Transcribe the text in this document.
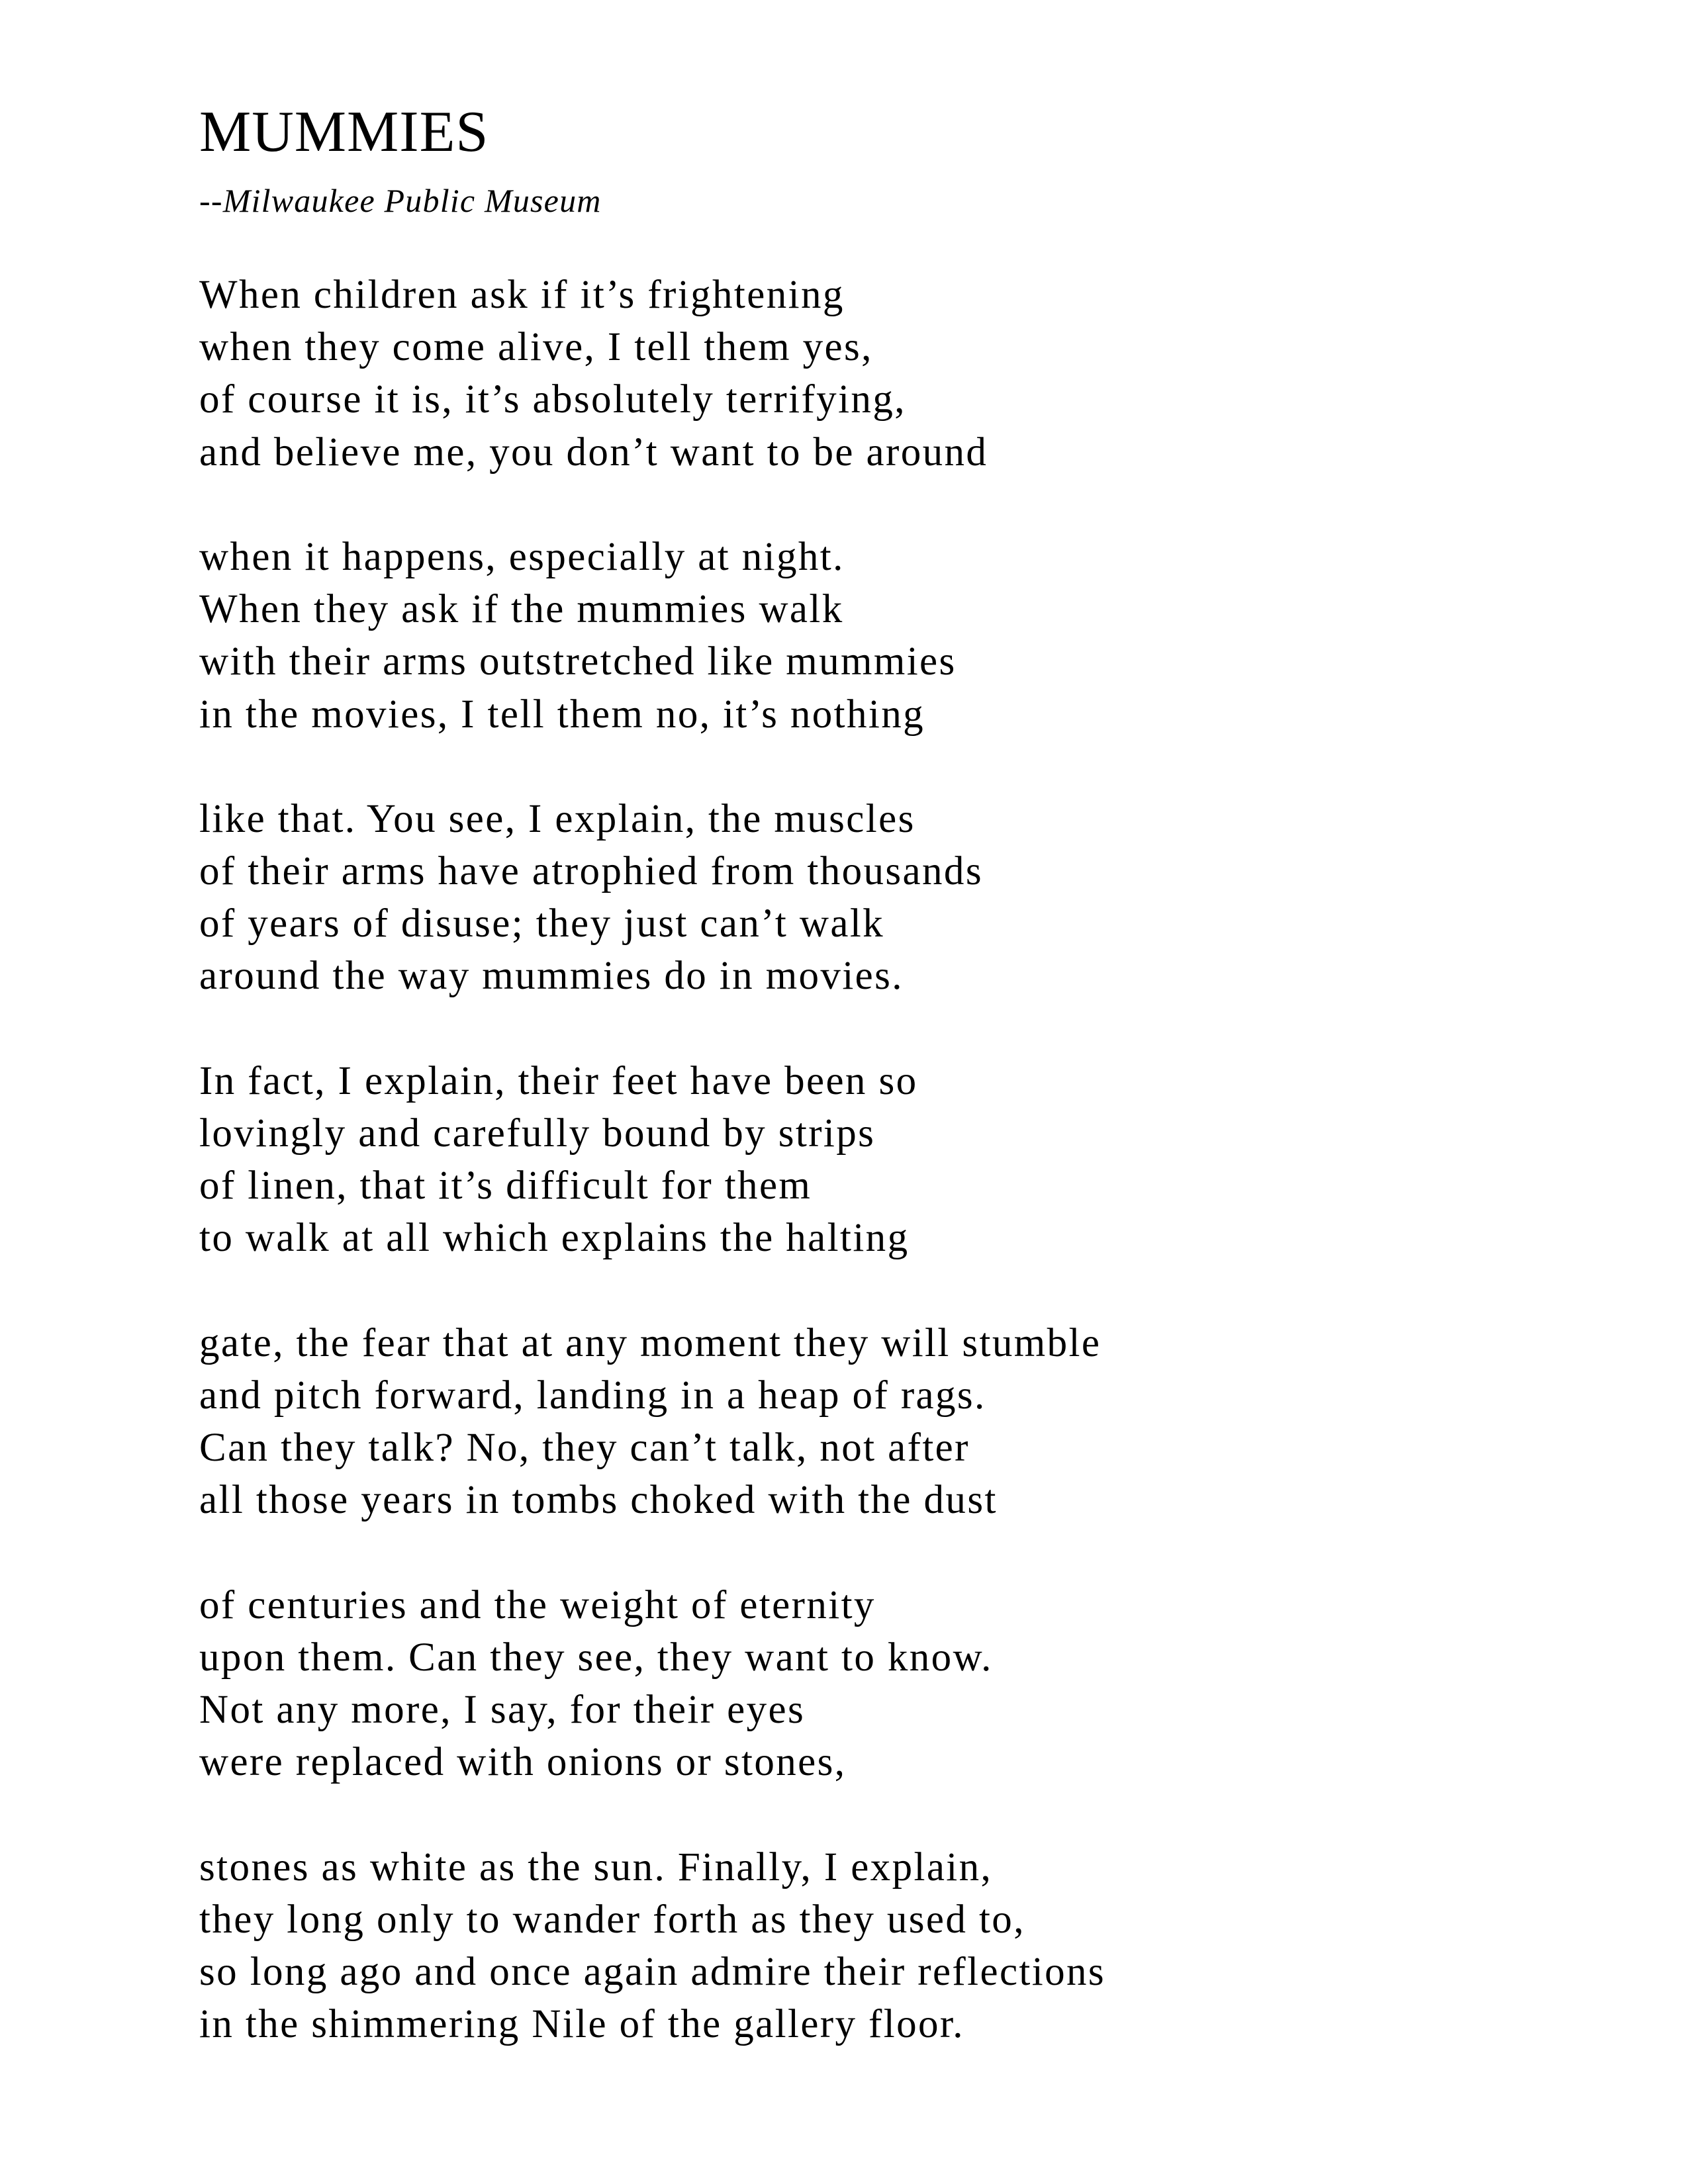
MUMMIES
--Milwaukee Public Museum
When children ask if it’s frightening
when they come alive, I tell them yes,
of course it is, it’s absolutely terrifying,
and believe me, you don’t want to be around
when it happens, especially at night.
When they ask if the mummies walk
with their arms outstretched like mummies
in the movies, I tell them no, it’s nothing
like that. You see, I explain, the muscles
of their arms have atrophied from thousands
of years of disuse; they just can’t walk
around the way mummies do in movies.
In fact, I explain, their feet have been so
lovingly and carefully bound by strips
of linen, that it’s difficult for them
to walk at all which explains the halting
gate, the fear that at any moment they will stumble
and pitch forward, landing in a heap of rags.
Can they talk? No, they can’t talk, not after
all those years in tombs choked with the dust
of centuries and the weight of eternity
upon them. Can they see, they want to know.
Not any more, I say, for their eyes
were replaced with onions or stones,
stones as white as the sun. Finally, I explain,
they long only to wander forth as they used to,
so long ago and once again admire their reflections
in the shimmering Nile of the gallery floor.
